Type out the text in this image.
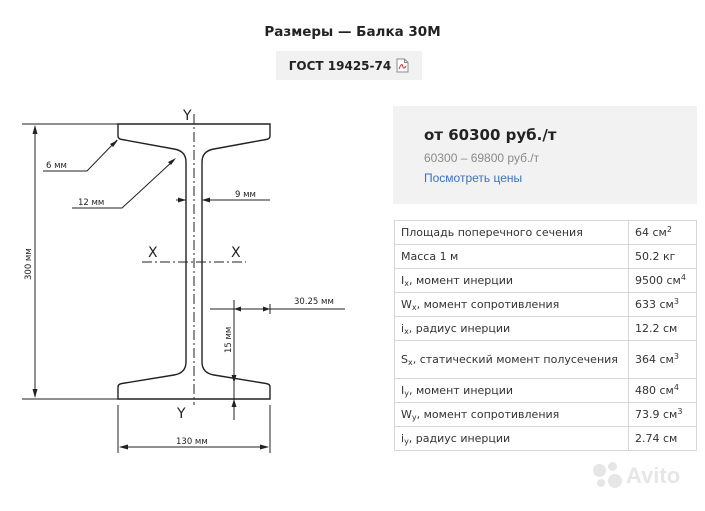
Размеры — Балка 30М
ГОСТ 19425-74
Y
Y
X	X
6 мм
12 мм
9 мм
300 мм
30.25 мм
15 мм
130 мм
от 60300 руб./т
60300 – 69800 руб./т
Посмотреть цены
Площадь поперечного сечения	64 $см^2$
Масса 1 м	50.2 кг
$I_x$, момент инерции	9500 $см^4$
$W_x$, момент сопротивления	633 $см^3$
$i_x$, радиус инерции	12.2 см
$S_x$, статический момент полусечения	364 $см^3$
$I_y$, момент инерции	480 $см^4$
$W_y$, момент сопротивления	73.9 $см^3$
$i_y$, радиус инерции	2.74 см
Avito
